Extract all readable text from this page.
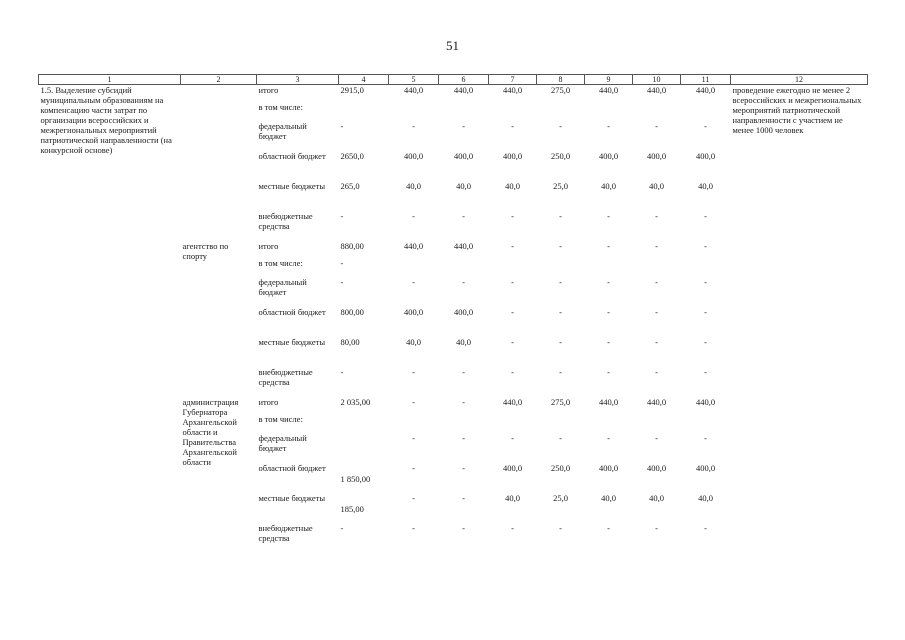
51
1	2	3	4	5	6	7	8	9	10	11	12
1.5. Выделение субсидий муниципальным образованиям на компенсацию части затрат по организации всероссийских и межрегиональных мероприятий патриотической направленности (на конкурсной основе)		итого	2915,0	440,0	440,0	440,0	275,0	440,0	440,0	440,0	проведение ежегодно не менее 2 всероссийских и межрегиональных мероприятий патриотической направленности с участием не менее 1000 человек
		в том числе:									
		федеральный бюджет	-	-	-	-	-	-	-	-	
		областной бюджет	2650,0	400,0	400,0	400,0	250,0	400,0	400,0	400,0	
		местные бюджеты	265,0	40,0	40,0	40,0	25,0	40,0	40,0	40,0	
		внебюджетные средства	-	-	-	-	-	-	-	-	
	агентство по спорту	итого	880,00	440,0	440,0	-	-	-	-	-	
		в том числе:	-								
		федеральный бюджет	-	-	-	-	-	-	-	-	
		областной бюджет	800,00	400,0	400,0	-	-	-	-	-	
		местные бюджеты	80,00	40,0	40,0	-	-	-	-	-	
		внебюджетные средства	-	-	-	-	-	-	-	-	
	администрация Губернатора Архангельской области и Правительства Архангельской области	итого	2 035,00	-	-	440,0	275,0	440,0	440,0	440,0	
		в том числе:									
		федеральный бюджет		-	-	-	-	-	-	-	
		областной бюджет	1 850,00	-	-	400,0	250,0	400,0	400,0	400,0	
		местные бюджеты	185,00	-	-	40,0	25,0	40,0	40,0	40,0	
		внебюджетные средства	-	-	-	-	-	-	-	-	
